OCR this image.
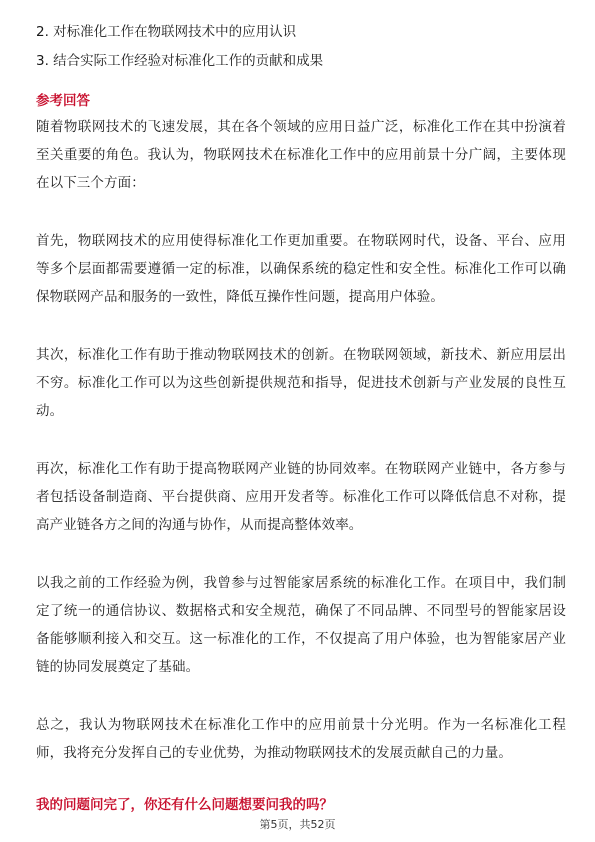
2. 对标准化工作在物联网技术中的应用认识
3. 结合实际工作经验对标准化工作的贡献和成果
参考回答
随着物联网技术的飞速发展，其在各个领域的应用日益广泛，标准化工作在其中扮演着至关重要的角色。我认为，物联网技术在标准化工作中的应用前景十分广阔，主要体现在以下三个方面：
首先，物联网技术的应用使得标准化工作更加重要。在物联网时代，设备、平台、应用等多个层面都需要遵循一定的标准，以确保系统的稳定性和安全性。标准化工作可以确保物联网产品和服务的一致性，降低互操作性问题，提高用户体验。
其次，标准化工作有助于推动物联网技术的创新。在物联网领域，新技术、新应用层出不穷。标准化工作可以为这些创新提供规范和指导，促进技术创新与产业发展的良性互动。
再次，标准化工作有助于提高物联网产业链的协同效率。在物联网产业链中，各方参与者包括设备制造商、平台提供商、应用开发者等。标准化工作可以降低信息不对称，提高产业链各方之间的沟通与协作，从而提高整体效率。
以我之前的工作经验为例，我曾参与过智能家居系统的标准化工作。在项目中，我们制定了统一的通信协议、数据格式和安全规范，确保了不同品牌、不同型号的智能家居设备能够顺利接入和交互。这一标准化的工作，不仅提高了用户体验，也为智能家居产业链的协同发展奠定了基础。
总之，我认为物联网技术在标准化工作中的应用前景十分光明。作为一名标准化工程师，我将充分发挥自己的专业优势，为推动物联网技术的发展贡献自己的力量。
我的问题问完了，你还有什么问题想要问我的吗？
第5页，共52页
